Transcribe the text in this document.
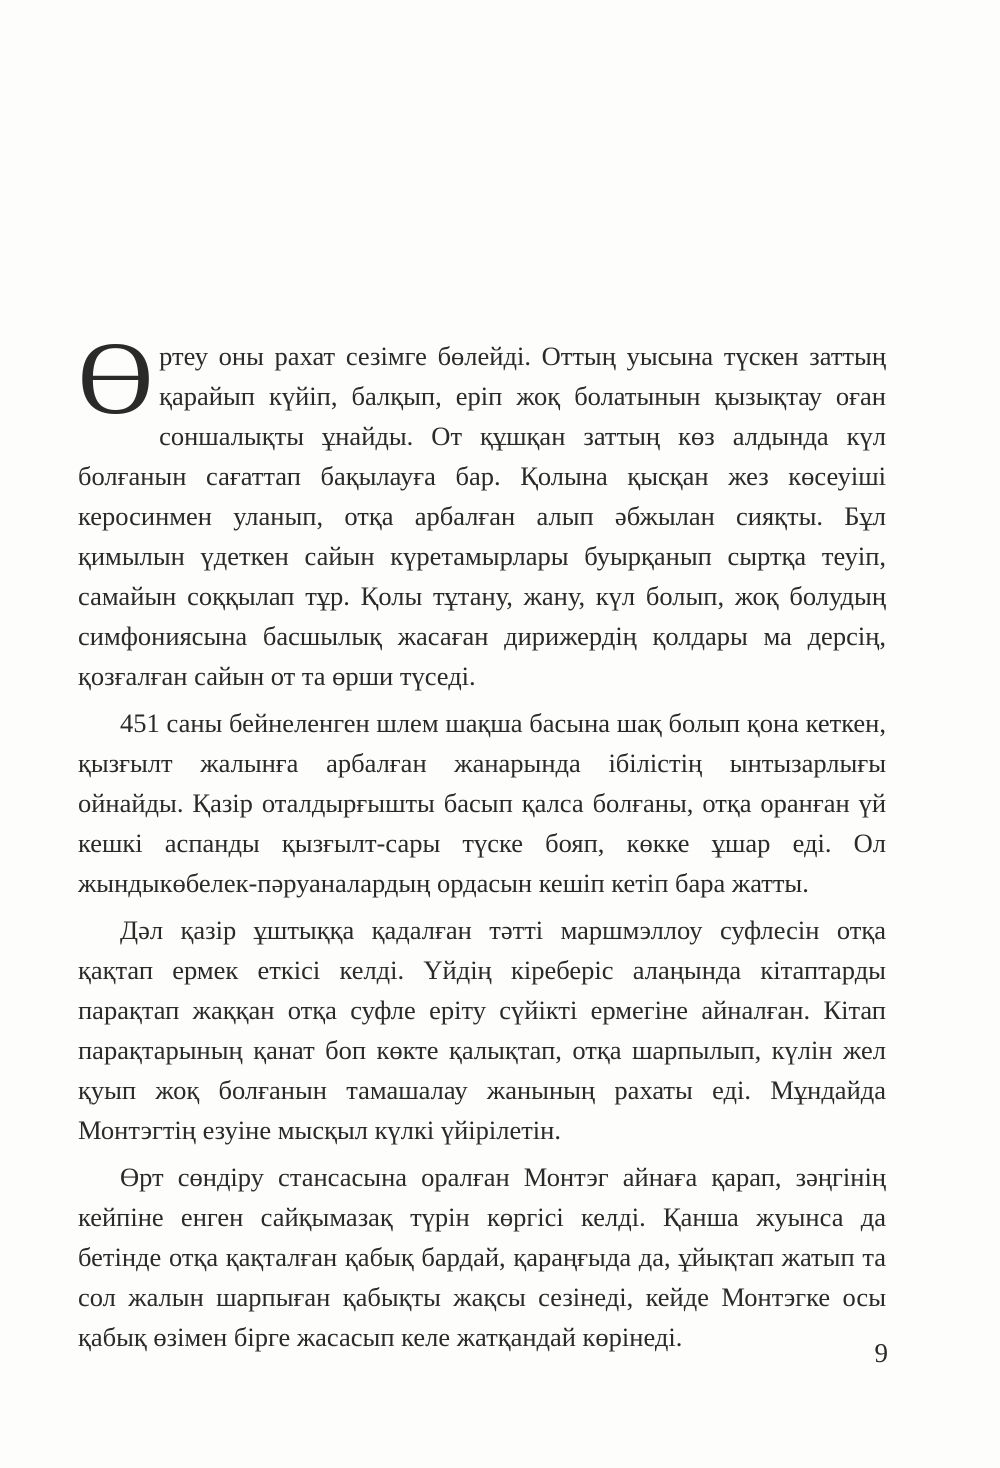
Өртеу оны рахат сезімге бөлейді. Оттың уысына түскен заттың қарайып күйіп, балқып, еріп жоқ болатынын қызықтау оған соншалықты ұнайды. От құшқан заттың көз алдында күл болғанын сағаттап бақылауға бар. Қолына қысқан жез көсеуіші керосинмен уланып, отқа арбалған алып әбжылан сияқты. Бұл қимылын үдеткен сайын күретамырлары буырқанып сыртқа теуіп, самайын соққылап тұр. Қолы тұтану, жану, күл болып, жоқ болудың симфониясына басшылық жасаған дирижердің қолдары ма дерсің, қозғалған сайын от та өрши түседі.

451 саны бейнеленген шлем шақша басына шақ болып қона кеткен, қызғылт жалынға арбалған жанарында ібілістің ынтызарлығы ойнайды. Қазір оталдырғышты басып қалса болғаны, отқа оранған үй кешкі аспанды қызғылт-сары түске бояп, көкке ұшар еді. Ол жындыкөбелек-пәруаналардың ордасын кешіп кетіп бара жатты.

Дәл қазір ұштыққа қадалған тәтті маршмэллоу суфлесін отқа қақтап ермек еткісі келді. Үйдің кіреберіс алаңында кітаптарды парақтап жаққан отқа суфле еріту сүйікті ермегіне айналған. Кітап парақтарының қанат боп көкте қалықтап, отқа шарпылып, күлін жел қуып жоқ болғанын тамашалау жанының рахаты еді. Мұндайда Монтэгтің езуіне мысқыл күлкі үйірілетін.

Өрт сөндіру стансасына оралған Монтэг айнаға қарап, зәңгінің кейпіне енген сайқымазақ түрін көргісі келді. Қанша жуынса да бетінде отқа қақталған қабық бардай, қараңғыда да, ұйықтап жатып та сол жалын шарпыған қабықты жақсы сезінеді, кейде Монтэгке осы қабық өзімен бірге жасасып келе жатқандай көрінеді.

9
